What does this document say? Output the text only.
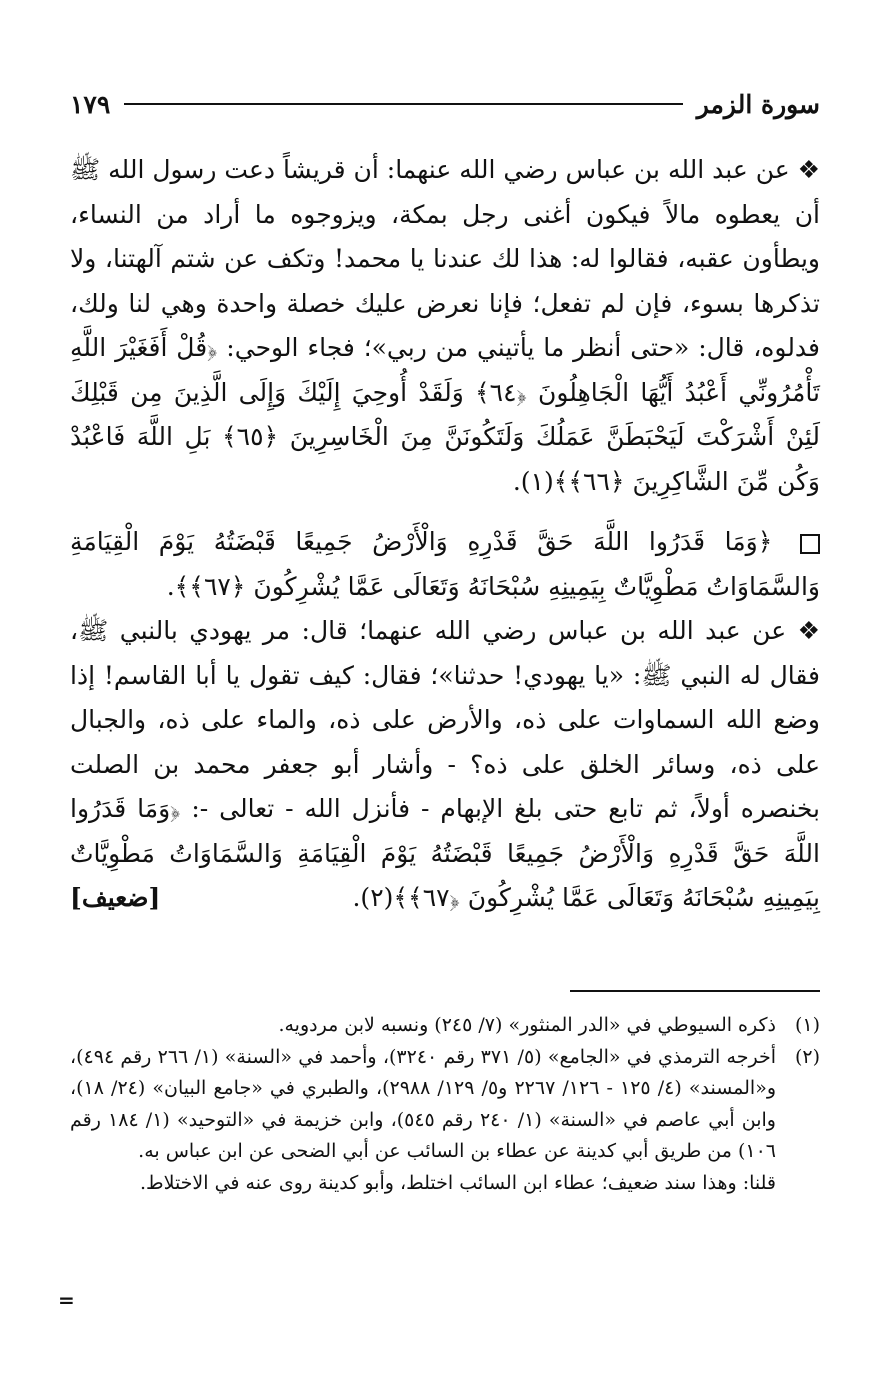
سورة الزمر
١٧٩

❖ عن عبد الله بن عباس رضي الله عنهما: أن قريشاً دعت رسول الله ﷺ أن يعطوه مالاً فيكون أغنى رجل بمكة، ويزوجوه ما أراد من النساء، ويطأون عقبه، فقالوا له: هذا لك عندنا يا محمد! وتكف عن شتم آلهتنا، ولا تذكرها بسوء، فإن لم تفعل؛ فإنا نعرض عليك خصلة واحدة وهي لنا ولك، فدلوه، قال: «حتى أنظر ما يأتيني من ربي»؛ فجاء الوحي: ﴿قُلْ أَفَغَيْرَ اللَّهِ تَأْمُرُونِّي أَعْبُدُ أَيُّهَا الْجَاهِلُونَ ﴿٦٤﴾ وَلَقَدْ أُوحِيَ إِلَيْكَ وَإِلَى الَّذِينَ مِن قَبْلِكَ لَئِنْ أَشْرَكْتَ لَيَحْبَطَنَّ عَمَلُكَ وَلَتَكُونَنَّ مِنَ الْخَاسِرِينَ ﴿٦٥﴾ بَلِ اللَّهَ فَاعْبُدْ وَكُن مِّنَ الشَّاكِرِينَ ﴿٦٦﴾﴾(١).

﴿وَمَا قَدَرُوا اللَّهَ حَقَّ قَدْرِهِ وَالْأَرْضُ جَمِيعًا قَبْضَتُهُ يَوْمَ الْقِيَامَةِ وَالسَّمَاوَاتُ مَطْوِيَّاتٌ بِيَمِينِهِ سُبْحَانَهُ وَتَعَالَى عَمَّا يُشْرِكُونَ ﴿٦٧﴾﴾.

❖ عن عبد الله بن عباس رضي الله عنهما؛ قال: مر يهودي بالنبي ﷺ، فقال له النبي ﷺ: «يا يهودي! حدثنا»؛ فقال: كيف تقول يا أبا القاسم! إذا وضع الله السماوات على ذه، والأرض على ذه، والماء على ذه، والجبال على ذه، وسائر الخلق على ذه؟ - وأشار أبو جعفر محمد بن الصلت بخنصره أولاً، ثم تابع حتى بلغ الإبهام - فأنزل الله - تعالى -: ﴿وَمَا قَدَرُوا اللَّهَ حَقَّ قَدْرِهِ وَالْأَرْضُ جَمِيعًا قَبْضَتُهُ يَوْمَ الْقِيَامَةِ وَالسَّمَاوَاتُ مَطْوِيَّاتٌ بِيَمِينِهِ سُبْحَانَهُ وَتَعَالَى عَمَّا يُشْرِكُونَ ﴿٦٧﴾﴾(٢).
[ضعيف]

(١)
ذكره السيوطي في «الدر المنثور» (٧/ ٢٤٥) ونسبه لابن مردويه.
(٢)
أخرجه الترمذي في «الجامع» (٥/ ٣٧١ رقم ٣٢٤٠)، وأحمد في «السنة» (١/ ٢٦٦ رقم ٤٩٤)، و«المسند» (٤/ ١٢٥ - ١٢٦/ ٢٢٦٧ و٥/ ١٢٩/ ٢٩٨٨)، والطبري في «جامع البيان» (٢٤/ ١٨)، وابن أبي عاصم في «السنة» (١/ ٢٤٠ رقم ٥٤٥)، وابن خزيمة في «التوحيد» (١/ ١٨٤ رقم ١٠٦) من طريق أبي كدينة عن عطاء بن السائب عن أبي الضحى عن ابن عباس به.
قلنا: وهذا سند ضعيف؛ عطاء ابن السائب اختلط، وأبو كدينة روى عنه في الاختلاط.
=
